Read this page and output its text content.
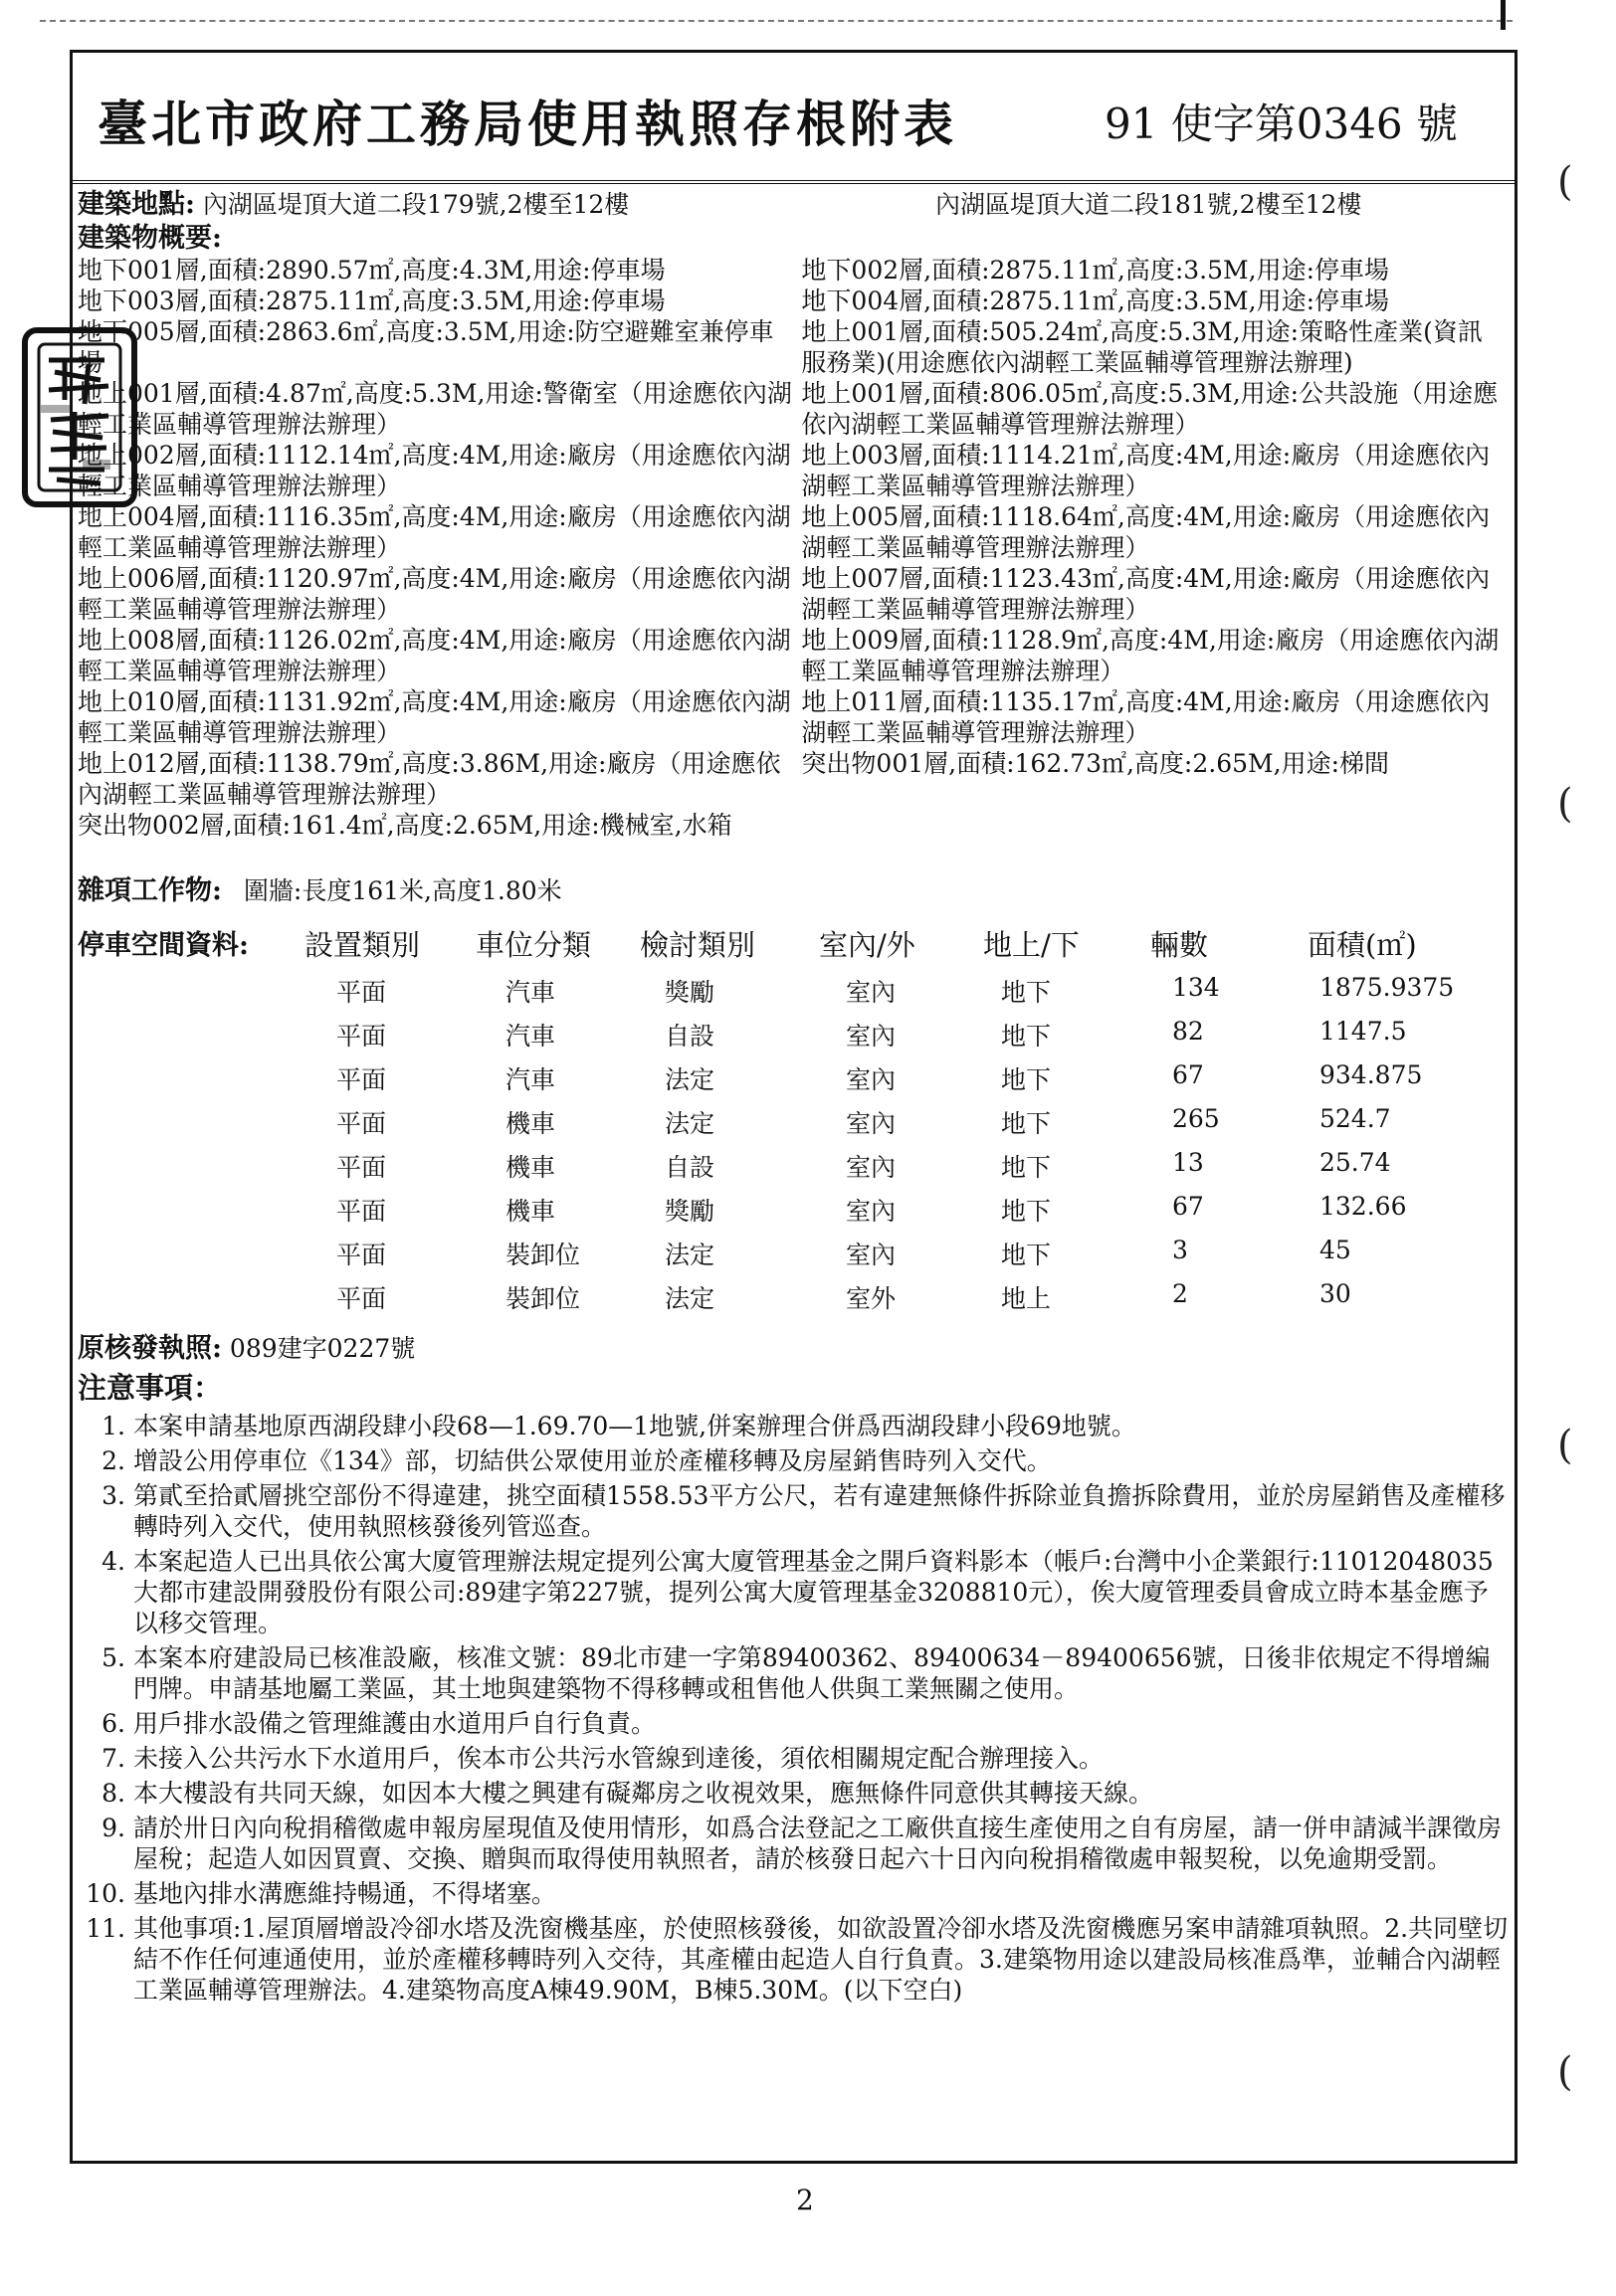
臺北市政府工務局使用執照存根附表	91 使字第0346 號
建築地點: 內湖區堤頂大道二段179號,2樓至12樓	內湖區堤頂大道二段181號,2樓至12樓
建築物概要:
地下001層,面積:2890.57㎡,高度:4.3M,用途:停車場	地下002層,面積:2875.11㎡,高度:3.5M,用途:停車場
地下003層,面積:2875.11㎡,高度:3.5M,用途:停車場	地下004層,面積:2875.11㎡,高度:3.5M,用途:停車場
地下005層,面積:2863.6㎡,高度:3.5M,用途:防空避難室兼停車場
地上001層,面積:505.24㎡,高度:5.3M,用途:策略性產業(資訊服務業)(用途應依內湖輕工業區輔導管理辦法辦理)
地上001層,面積:4.87㎡,高度:5.3M,用途:警衛室（用途應依內湖輕工業區輔導管理辦法辦理）
地上001層,面積:806.05㎡,高度:5.3M,用途:公共設施（用途應依內湖輕工業區輔導管理辦法辦理）
地上002層,面積:1112.14㎡,高度:4M,用途:廠房（用途應依內湖輕工業區輔導管理辦法辦理）
地上003層,面積:1114.21㎡,高度:4M,用途:廠房（用途應依內湖輕工業區輔導管理辦法辦理）
地上004層,面積:1116.35㎡,高度:4M,用途:廠房（用途應依內湖輕工業區輔導管理辦法辦理）
地上005層,面積:1118.64㎡,高度:4M,用途:廠房（用途應依內湖輕工業區輔導管理辦法辦理）
地上006層,面積:1120.97㎡,高度:4M,用途:廠房（用途應依內湖輕工業區輔導管理辦法辦理）
地上007層,面積:1123.43㎡,高度:4M,用途:廠房（用途應依內湖輕工業區輔導管理辦法辦理）
地上008層,面積:1126.02㎡,高度:4M,用途:廠房（用途應依內湖輕工業區輔導管理辦法辦理）
地上009層,面積:1128.9㎡,高度:4M,用途:廠房（用途應依內湖輕工業區輔導管理辦法辦理）
地上010層,面積:1131.92㎡,高度:4M,用途:廠房（用途應依內湖輕工業區輔導管理辦法辦理）
地上011層,面積:1135.17㎡,高度:4M,用途:廠房（用途應依內湖輕工業區輔導管理辦法辦理）
地上012層,面積:1138.79㎡,高度:3.86M,用途:廠房（用途應依內湖輕工業區輔導管理辦法辦理）
突出物001層,面積:162.73㎡,高度:2.65M,用途:梯間
突出物002層,面積:161.4㎡,高度:2.65M,用途:機械室,水箱
雜項工作物: 圍牆:長度161米,高度1.80米
停車空間資料: 設置類別 車位分類 檢討類別 室內/外 地上/下 輛數	面積(㎡)
平面	汽車	獎勵	室內	地下	134	1875.9375
平面	汽車	自設	室內	地下	82	1147.5
平面	汽車	法定	室內	地下	67	934.875
平面	機車	法定	室內	地下	265	524.7
平面	機車	自設	室內	地下	13	25.74
平面	機車	獎勵	室內	地下	67	132.66
平面	裝卸位	法定	室內	地下	3	45
平面	裝卸位	法定	室外	地上	2	30
原核發執照: 089建字0227號
注意事項：
1. 本案申請基地原西湖段肆小段68—1.69.70—1地號,併案辦理合併爲西湖段肆小段69地號。
2. 增設公用停車位《134》部，切結供公眾使用並於產權移轉及房屋銷售時列入交代。
3. 第貳至拾貳層挑空部份不得違建，挑空面積1558.53平方公尺，若有違建無條件拆除並負擔拆除費用，並於房屋銷售及產權移轉時列入交代，使用執照核發後列管巡查。
4. 本案起造人已出具依公寓大廈管理辦法規定提列公寓大廈管理基金之開戶資料影本（帳戶:台灣中小企業銀行:11012048035大都市建設開發股份有限公司:89建字第227號，提列公寓大廈管理基金3208810元），俟大廈管理委員會成立時本基金應予以移交管理。
5. 本案本府建設局已核准設廠，核准文號：89北市建一字第89400362、89400634－89400656號，日後非依規定不得增編門牌。申請基地屬工業區，其土地與建築物不得移轉或租售他人供與工業無關之使用。
6. 用戶排水設備之管理維護由水道用戶自行負責。
7. 未接入公共污水下水道用戶，俟本市公共污水管線到達後，須依相關規定配合辦理接入。
8. 本大樓設有共同天線，如因本大樓之興建有礙鄰房之收視效果，應無條件同意供其轉接天線。
9. 請於卅日內向稅捐稽徵處申報房屋現值及使用情形，如爲合法登記之工廠供直接生產使用之自有房屋，請一併申請減半課徵房屋稅；起造人如因買賣、交換、贈與而取得使用執照者，請於核發日起六十日內向稅捐稽徵處申報契稅，以免逾期受罰。
10. 基地內排水溝應維持暢通，不得堵塞。
11. 其他事項:1.屋頂層增設冷卻水塔及洗窗機基座，於使照核發後，如欲設置冷卻水塔及洗窗機應另案申請雜項執照。2.共同壁切結不作任何連通使用，並於產權移轉時列入交待，其產權由起造人自行負責。3.建築物用途以建設局核准爲準，並輔合內湖輕工業區輔導管理辦法。4.建築物高度A棟49.90M，B棟5.30M。(以下空白)
(
(
(
(
2
